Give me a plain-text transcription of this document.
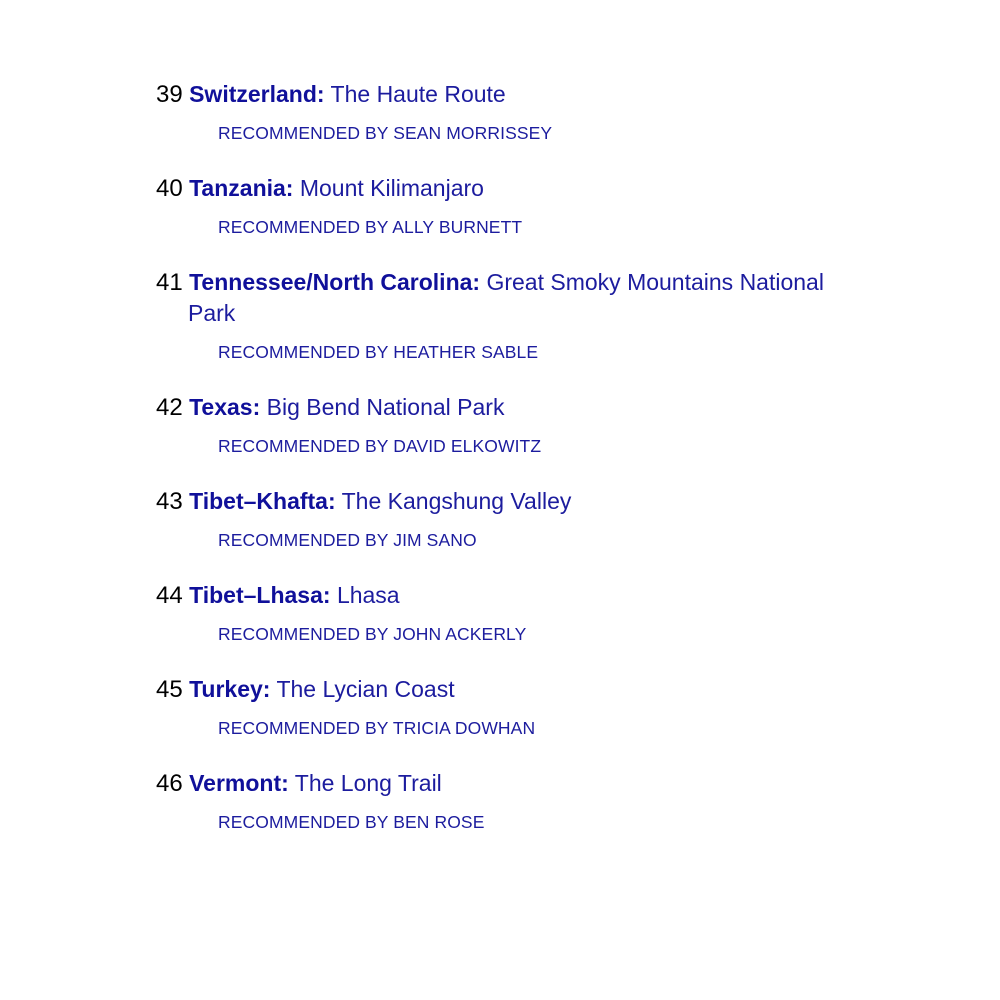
39 Switzerland: The Haute Route

RECOMMENDED BY SEAN MORRISSEY

40 Tanzania: Mount Kilimanjaro

RECOMMENDED BY ALLY BURNETT

41 Tennessee/North Carolina: Great Smoky Mountains National Park

RECOMMENDED BY HEATHER SABLE

42 Texas: Big Bend National Park

RECOMMENDED BY DAVID ELKOWITZ

43 Tibet–Khafta: The Kangshung Valley

RECOMMENDED BY JIM SANO

44 Tibet–Lhasa: Lhasa

RECOMMENDED BY JOHN ACKERLY

45 Turkey: The Lycian Coast

RECOMMENDED BY TRICIA DOWHAN

46 Vermont: The Long Trail

RECOMMENDED BY BEN ROSE
